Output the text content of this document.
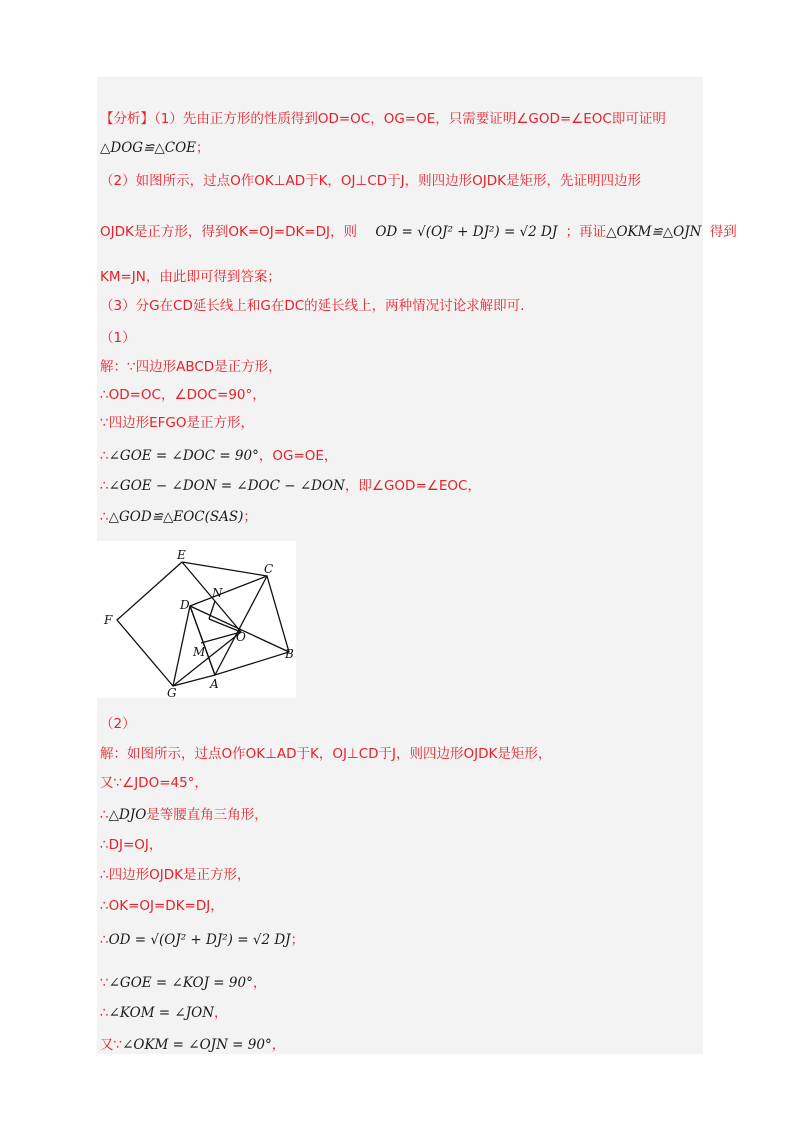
【分析】（1）先由正方形的性质得到OD=OC，OG=OE，只需要证明∠GOD=∠EOC即可证明
△DOG≌△COE；
（2）如图所示，过点O作OK⊥AD于K，OJ⊥CD于J，则四边形OJDK是矩形，先证明四边形
OJDK是正方形，得到OK=OJ=DK=DJ，则 OD = √(OJ² + DJ²) = √2 DJ ；再证△OKM≌△OJN 得到
KM=JN，由此即可得到答案；
（3）分G在CD延长线上和G在DC的延长线上，两种情况讨论求解即可.
（1）
解：∵四边形ABCD是正方形，
∴OD=OC，∠DOC=90°，
∵四边形EFGO是正方形，
∴∠GOE = ∠DOC = 90°，OG=OE，
∴∠GOE − ∠DON = ∠DOC − ∠DON，即∠GOD=∠EOC，
∴△GOD≌△EOC(SAS)；
E
C
N
D
F
O
M	B
A
G
（2）
解：如图所示，过点O作OK⊥AD于K，OJ⊥CD于J，则四边形OJDK是矩形，
又∵∠JDO=45°，
∴△DJO是等腰直角三角形，
∴DJ=OJ，
∴四边形OJDK是正方形，
∴OK=OJ=DK=DJ，
∴OD = √(OJ² + DJ²) = √2 DJ；
∵∠GOE = ∠KOJ = 90°，
∴∠KOM = ∠JON，
又∵∠OKM = ∠OJN = 90°，
